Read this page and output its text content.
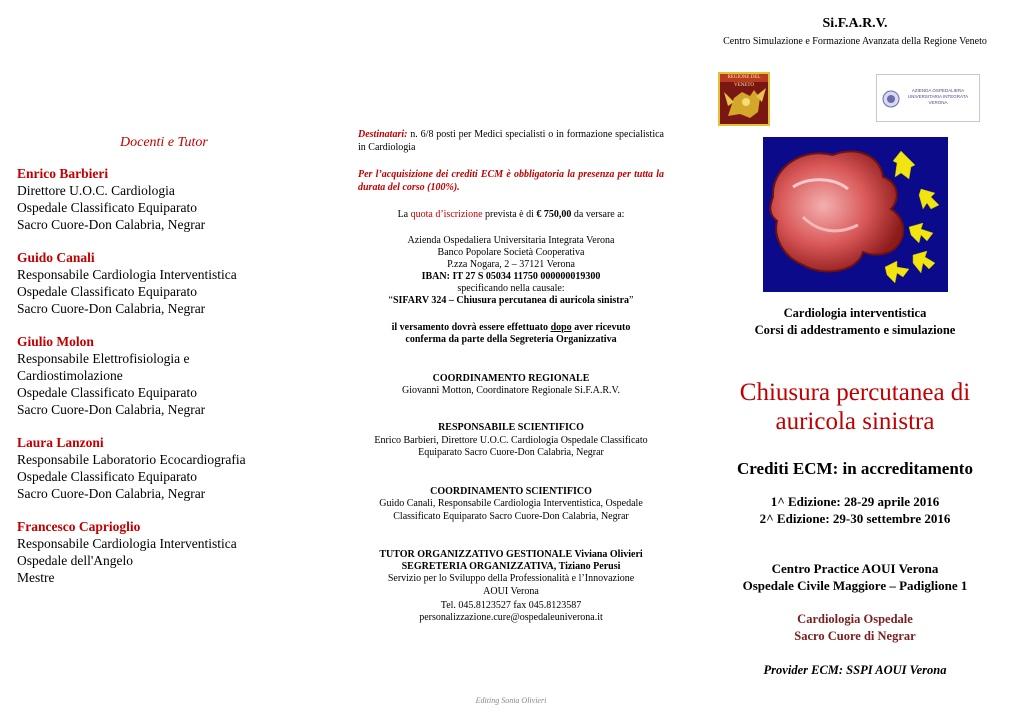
Docenti e Tutor
Enrico Barbieri
Direttore U.O.C. Cardiologia
Ospedale Classificato Equiparato
Sacro Cuore-Don Calabria, Negrar
Guido Canali
Responsabile Cardiologia Interventistica
Ospedale Classificato Equiparato
Sacro Cuore-Don Calabria, Negrar
Giulio Molon
Responsabile Elettrofisiologia e
Cardiostimolazione
Ospedale Classificato Equiparato
Sacro Cuore-Don Calabria, Negrar
Laura Lanzoni
Responsabile Laboratorio Ecocardiografia
Ospedale Classificato Equiparato
Sacro Cuore-Don Calabria, Negrar
Francesco Caprioglio
Responsabile Cardiologia Interventistica
Ospedale dell'Angelo
Mestre
Destinatari: n. 6/8 posti per Medici specialisti o in formazione specialistica in Cardiologia
Per l’acquisizione dei crediti ECM è obbligatoria la presenza per tutta la durata del corso (100%).
La quota d’iscrizione prevista è di € 750,00 da versare a:
Azienda Ospedaliera Universitaria Integrata Verona
Banco Popolare Società Cooperativa
P.zza Nogara, 2 – 37121 Verona
IBAN: IT 27 S 05034 11750 000000019300
specificando nella causale:
“SIFARV 324 – Chiusura percutanea di auricola sinistra”
il versamento dovrà essere effettuato dopo aver ricevuto
conferma da parte della Segreteria Organizzativa
COORDINAMENTO REGIONALE
Giovanni Motton, Coordinatore Regionale Si.F.A.R.V.
RESPONSABILE SCIENTIFICO
Enrico Barbieri, Direttore U.O.C. Cardiologia Ospedale Classificato
Equiparato Sacro Cuore-Don Calabria, Negrar
COORDINAMENTO SCIENTIFICO
Guido Canali, Responsabile Cardiologia Interventistica, Ospedale
Classificato Equiparato Sacro Cuore-Don Calabria, Negrar
TUTOR ORGANIZZATIVO GESTIONALE Viviana Olivieri
SEGRETERIA ORGANIZZATIVA, Tiziano Perusi
Servizio per lo Sviluppo della Professionalità e l’Innovazione
AOUI Verona
Tel. 045.8123527 fax 045.8123587
personalizzazione.cure@ospedaleuniverona.it
Editing Sonia Olivieri
Si.F.A.R.V.
Centro Simulazione e Formazione Avanzata della Regione Veneto
REGIONE DEL VENETO
AZIENDA OSPEDALIERA UNIVERSITARIA INTEGRATA VERONA
Cardiologia interventistica
Corsi di addestramento e simulazione
Chiusura percutanea di
auricola sinistra
Crediti ECM: in accreditamento
1^ Edizione: 28-29 aprile 2016
2^ Edizione: 29-30 settembre 2016
Centro Practice AOUI Verona
Ospedale Civile Maggiore – Padiglione 1
Cardiologia Ospedale
Sacro Cuore di Negrar
Provider ECM: SSPI AOUI Verona
